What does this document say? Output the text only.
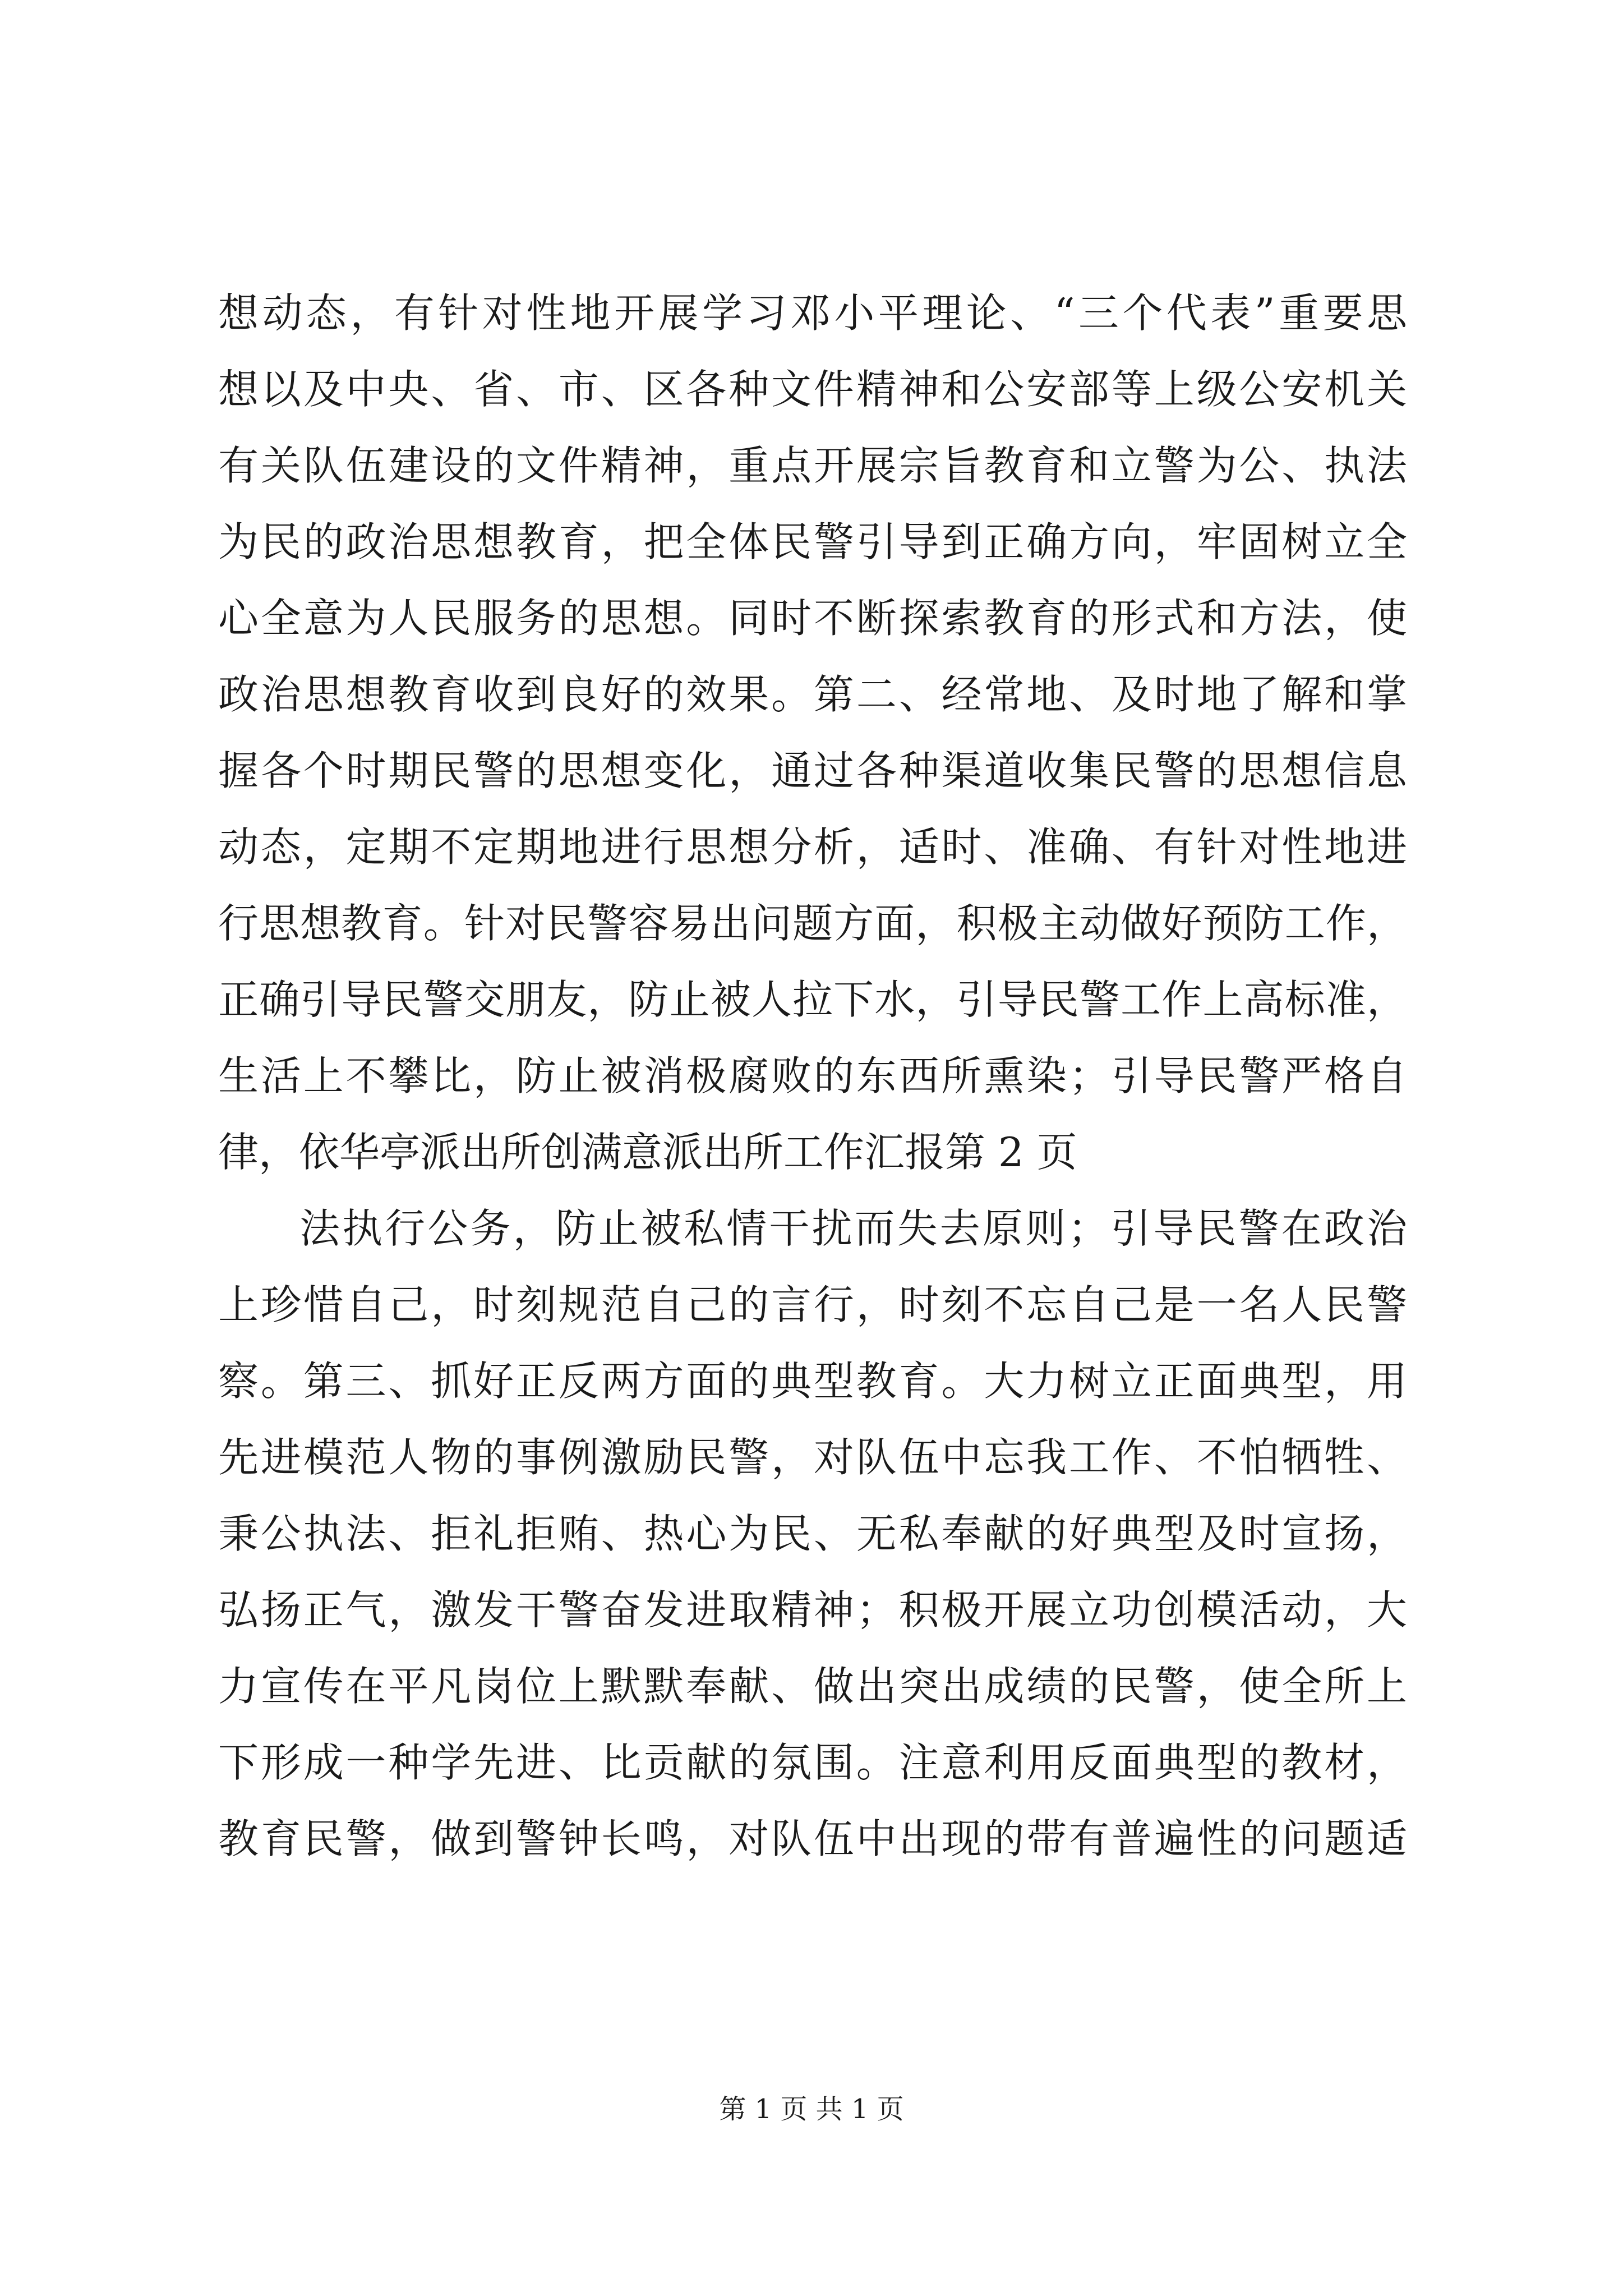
想动态，有针对性地开展学习邓小平理论、“三个代表”重要思
想以及中央、省、市、区各种文件精神和公安部等上级公安机关
有关队伍建设的文件精神，重点开展宗旨教育和立警为公、执法
为民的政治思想教育，把全体民警引导到正确方向，牢固树立全
心全意为人民服务的思想。同时不断探索教育的形式和方法，使
政治思想教育收到良好的效果。第二、经常地、及时地了解和掌
握各个时期民警的思想变化，通过各种渠道收集民警的思想信息
动态，定期不定期地进行思想分析，适时、准确、有针对性地进
行思想教育。针对民警容易出问题方面，积极主动做好预防工作，
正确引导民警交朋友，防止被人拉下水，引导民警工作上高标准，
生活上不攀比，防止被消极腐败的东西所熏染；引导民警严格自
律，依华亭派出所创满意派出所工作汇报第 2 页
法执行公务，防止被私情干扰而失去原则；引导民警在政治
上珍惜自己，时刻规范自己的言行，时刻不忘自己是一名人民警
察。第三、抓好正反两方面的典型教育。大力树立正面典型，用
先进模范人物的事例激励民警，对队伍中忘我工作、不怕牺牲、
秉公执法、拒礼拒贿、热心为民、无私奉献的好典型及时宣扬，
弘扬正气，激发干警奋发进取精神；积极开展立功创模活动，大
力宣传在平凡岗位上默默奉献、做出突出成绩的民警，使全所上
下形成一种学先进、比贡献的氛围。注意利用反面典型的教材，
教育民警，做到警钟长鸣，对队伍中出现的带有普遍性的问题适
第 1 页 共 1 页
